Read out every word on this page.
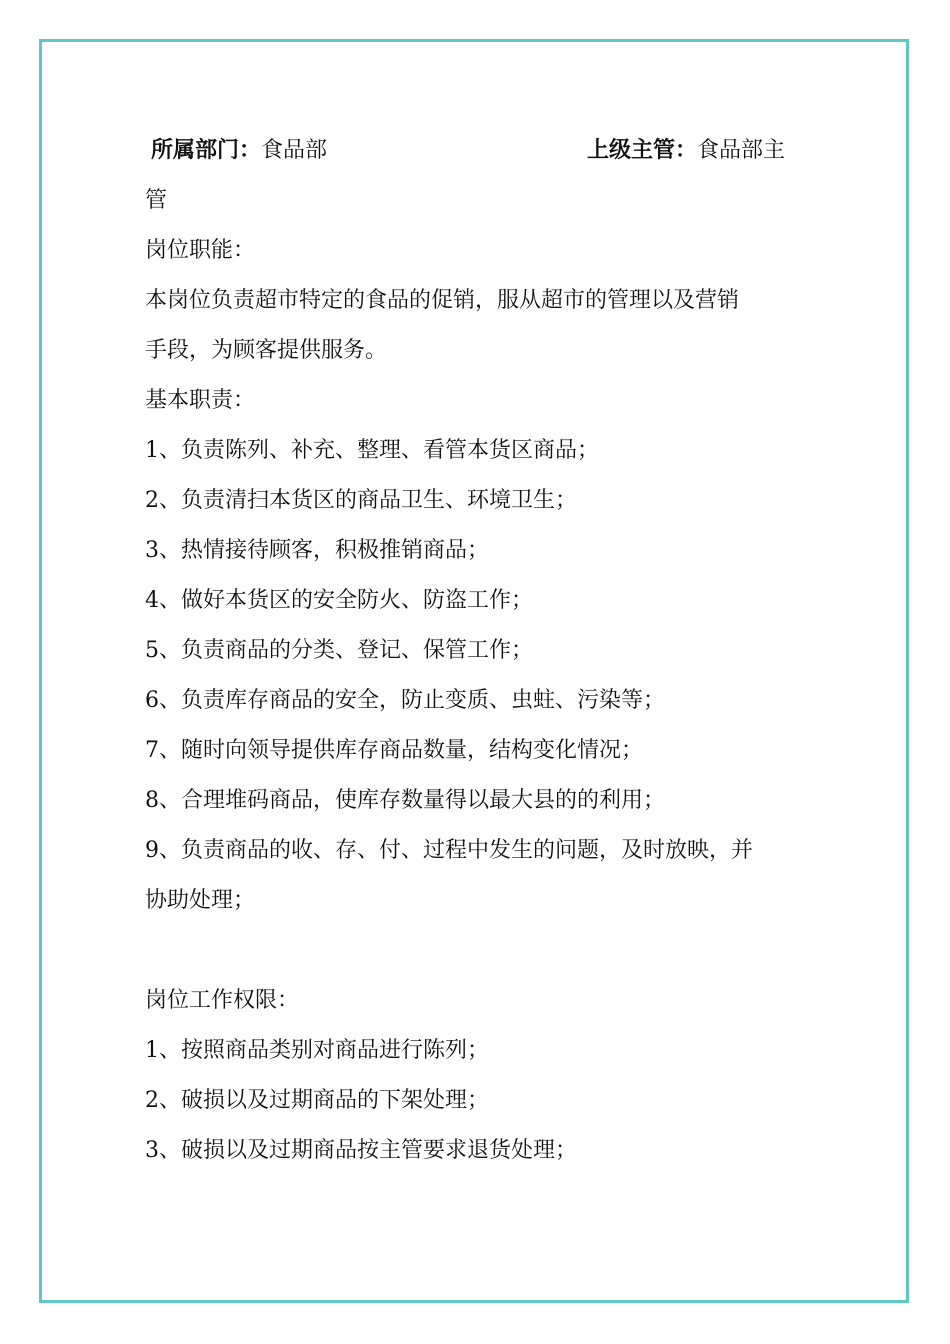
所属部门：食品部	上级主管：食品部主
管
岗位职能：
本岗位负责超市特定的食品的促销，服从超市的管理以及营销
手段，为顾客提供服务。
基本职责：
1、负责陈列、补充、整理、看管本货区商品；
2、负责清扫本货区的商品卫生、环境卫生；
3、热情接待顾客，积极推销商品；
4、做好本货区的安全防火、防盗工作；
5、负责商品的分类、登记、保管工作；
6、负责库存商品的安全，防止变质、虫蛀、污染等；
7、随时向领导提供库存商品数量，结构变化情况；
8、合理堆码商品，使库存数量得以最大县的的利用；
9、负责商品的收、存、付、过程中发生的问题，及时放映，并
协助处理；
岗位工作权限：
1、按照商品类别对商品进行陈列；
2、破损以及过期商品的下架处理；
3、破损以及过期商品按主管要求退货处理；
